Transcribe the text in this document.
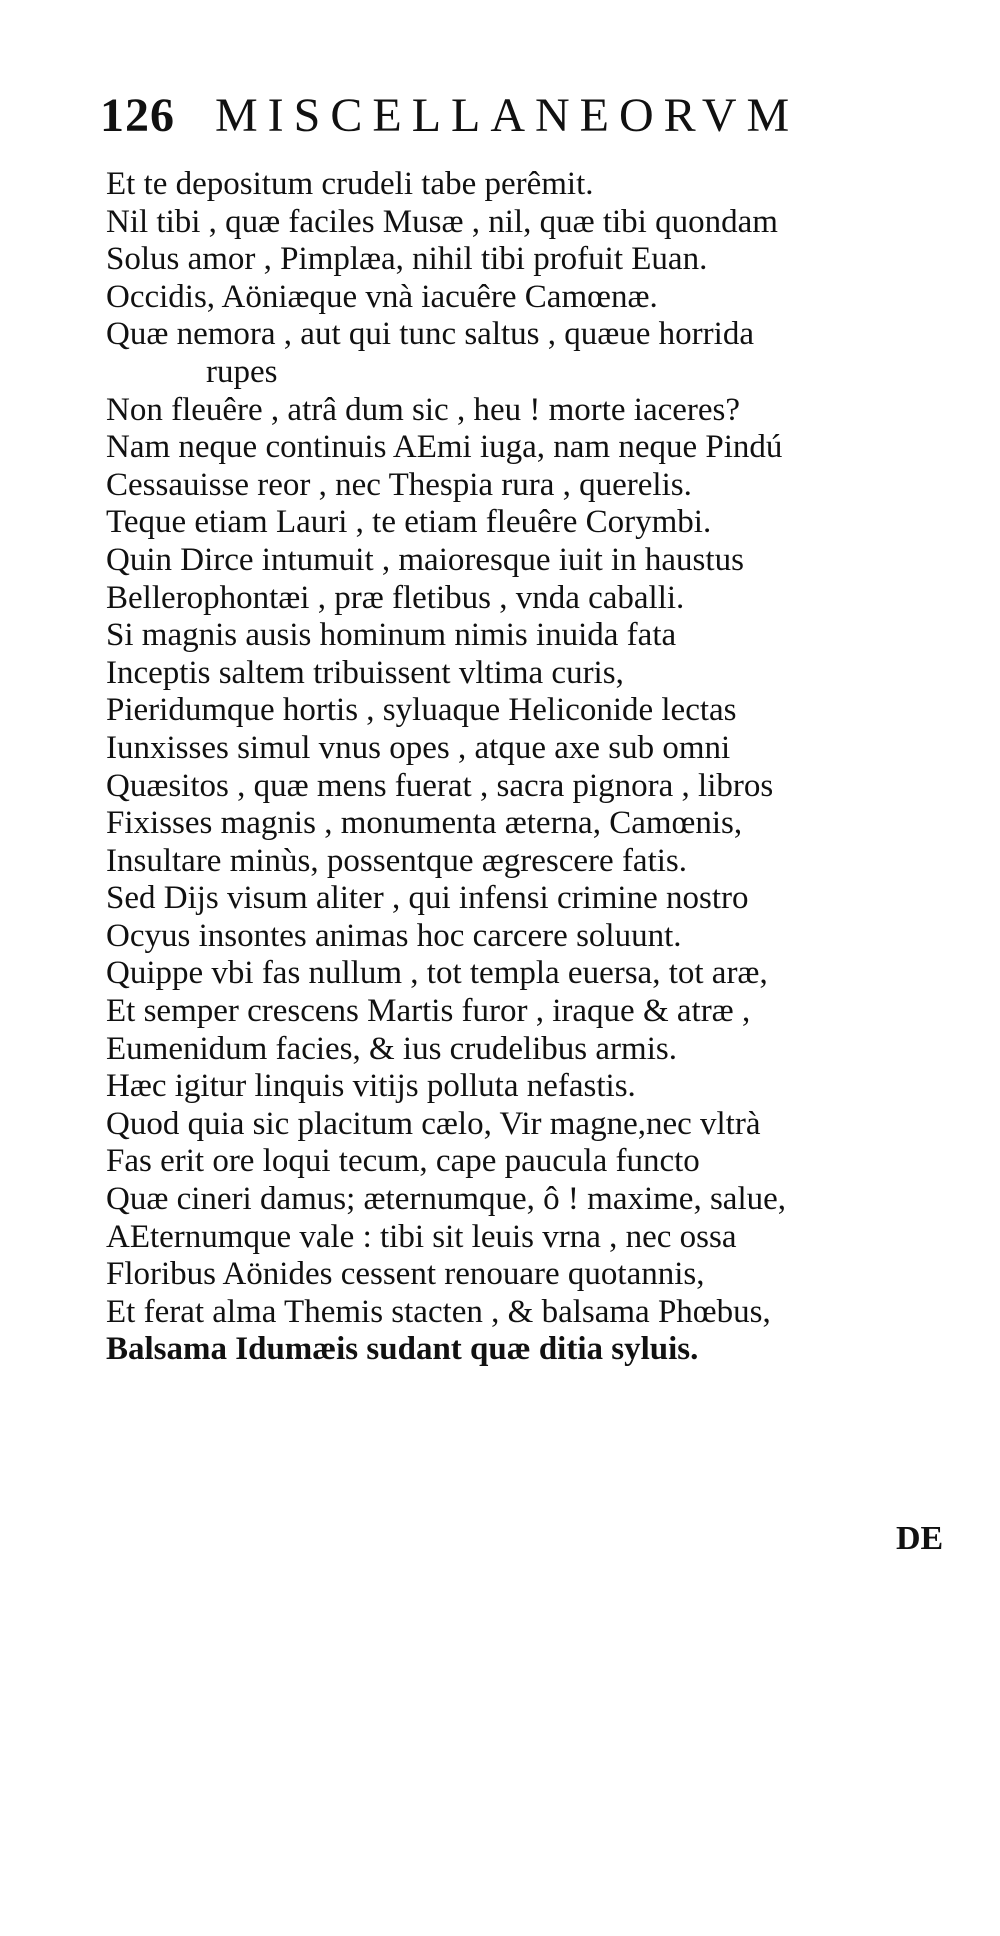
126 MISCELLANEORVM
Et te depositum crudeli tabe perêmit.
Nil tibi , quæ faciles Musæ , nil, quæ tibi quondam
Solus amor , Pimplæa, nihil tibi profuit Euan.
Occidis, Aöniæque vnà iacuêre Camœnæ.
Quæ nemora , aut qui tunc saltus , quæue horrida
rupes
Non fleuêre , atrâ dum sic , heu ! morte iaceres?
Nam neque continuis AEmi iuga, nam neque Pindú
Cessauisse reor , nec Thespia rura , querelis.
Teque etiam Lauri , te etiam fleuêre Corymbi.
Quin Dirce intumuit , maioresque iuit in haustus
Bellerophontæi , præ fletibus , vnda caballi.
Si magnis ausis hominum nimis inuida fata
Inceptis saltem tribuissent vltima curis,
Pieridumque hortis , syluaque Heliconide lectas
Iunxisses simul vnus opes , atque axe sub omni
Quæsitos , quæ mens fuerat , sacra pignora , libros
Fixisses magnis , monumenta æterna, Camœnis,
Insultare minùs, possentque ægrescere fatis.
Sed Dijs visum aliter , qui infensi crimine nostro
Ocyus insontes animas hoc carcere soluunt.
Quippe vbi fas nullum , tot templa euersa, tot aræ,
Et semper crescens Martis furor , iraque & atræ ,
Eumenidum facies, & ius crudelibus armis.
Hæc igitur linquis vitijs polluta nefastis.
Quod quia sic placitum cælo, Vir magne,nec vltrà
Fas erit ore loqui tecum, cape paucula functo
Quæ cineri damus; æternumque, ô ! maxime, salue,
AEternumque vale : tibi sit leuis vrna , nec ossa
Floribus Aönides cessent renouare quotannis,
Et ferat alma Themis stacten , & balsama Phœbus,
Balsama Idumæis sudant quæ ditia syluis.
DE
